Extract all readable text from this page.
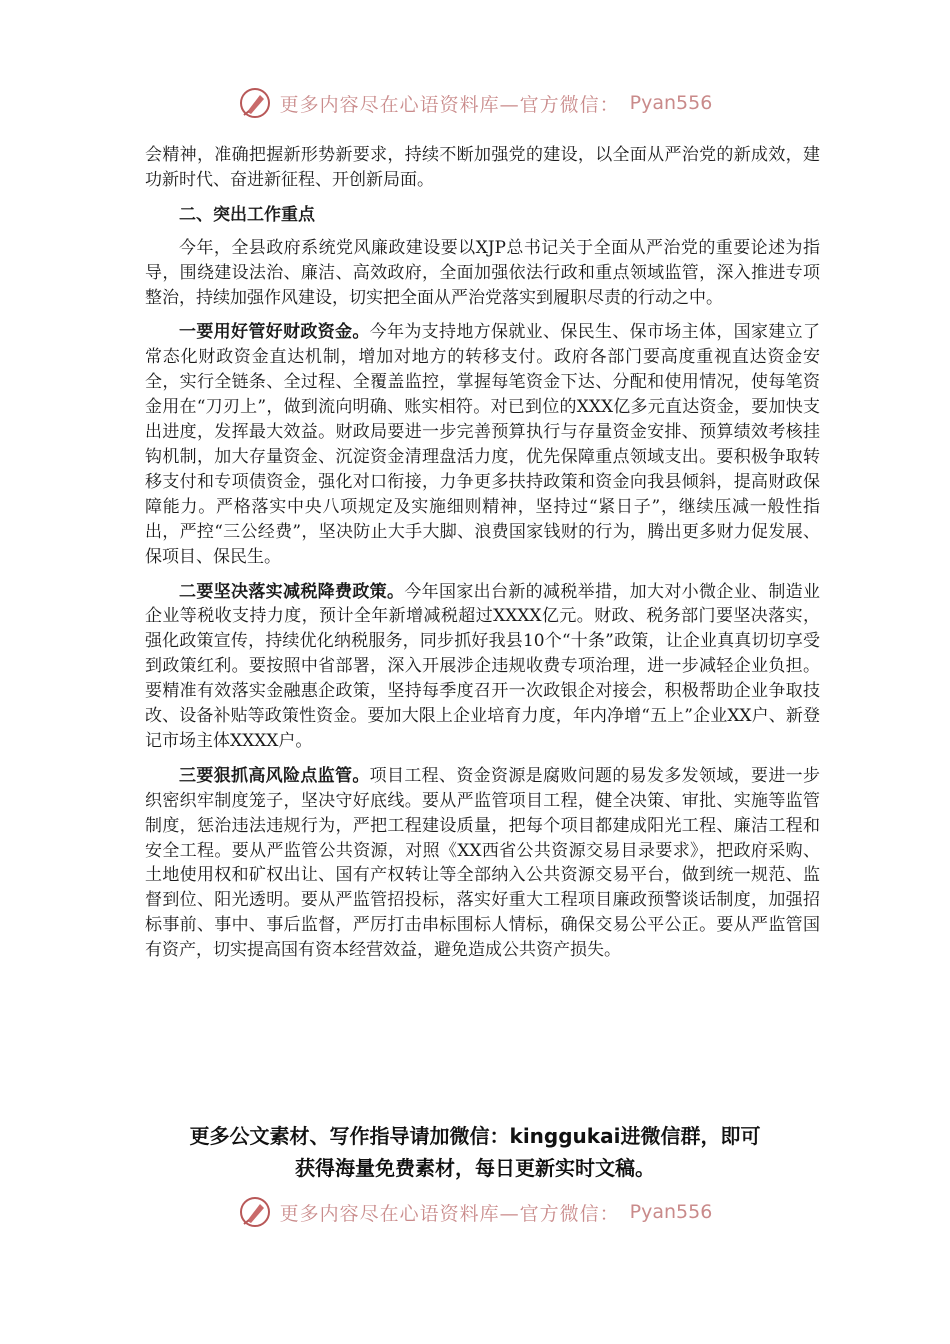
更多内容尽在心语资料库—官方微信： Pyan556

会精神，准确把握新形势新要求，持续不断加强党的建设，以全面从严治党的新成效，建功新时代、奋进新征程、开创新局面。

二、突出工作重点

今年，全县政府系统党风廉政建设要以XJP总书记关于全面从严治党的重要论述为指导，围绕建设法治、廉洁、高效政府，全面加强依法行政和重点领域监管，深入推进专项整治，持续加强作风建设，切实把全面从严治党落实到履职尽责的行动之中。

一要用好管好财政资金。今年为支持地方保就业、保民生、保市场主体，国家建立了常态化财政资金直达机制，增加对地方的转移支付。政府各部门要高度重视直达资金安全，实行全链条、全过程、全覆盖监控，掌握每笔资金下达、分配和使用情况，使每笔资金用在“刀刃上”，做到流向明确、账实相符。对已到位的XXX亿多元直达资金，要加快支出进度，发挥最大效益。财政局要进一步完善预算执行与存量资金安排、预算绩效考核挂钩机制，加大存量资金、沉淀资金清理盘活力度，优先保障重点领域支出。要积极争取转移支付和专项债资金，强化对口衔接，力争更多扶持政策和资金向我县倾斜，提高财政保障能力。严格落实中央八项规定及实施细则精神，坚持过“紧日子”，继续压减一般性指出，严控“三公经费”，坚决防止大手大脚、浪费国家钱财的行为，腾出更多财力促发展、保项目、保民生。

二要坚决落实减税降费政策。今年国家出台新的减税举措，加大对小微企业、制造业企业等税收支持力度，预计全年新增减税超过XXXX亿元。财政、税务部门要坚决落实，强化政策宣传，持续优化纳税服务，同步抓好我县10个“十条”政策，让企业真真切切享受到政策红利。要按照中省部署，深入开展涉企违规收费专项治理，进一步减轻企业负担。要精准有效落实金融惠企政策，坚持每季度召开一次政银企对接会，积极帮助企业争取技改、设备补贴等政策性资金。要加大限上企业培育力度，年内净增“五上”企业XX户、新登记市场主体XXXX户。

三要狠抓高风险点监管。项目工程、资金资源是腐败问题的易发多发领域，要进一步织密织牢制度笼子，坚决守好底线。要从严监管项目工程，健全决策、审批、实施等监管制度，惩治违法违规行为，严把工程建设质量，把每个项目都建成阳光工程、廉洁工程和安全工程。要从严监管公共资源，对照《XX西省公共资源交易目录要求》，把政府采购、土地使用权和矿权出让、国有产权转让等全部纳入公共资源交易平台，做到统一规范、监督到位、阳光透明。要从严监管招投标，落实好重大工程项目廉政预警谈话制度，加强招标事前、事中、事后监督，严厉打击串标围标人情标，确保交易公平公正。要从严监管国有资产，切实提高国有资本经营效益，避免造成公共资产损失。

更多公文素材、写作指导请加微信：kinggukai进微信群，即可
获得海量免费素材，每日更新实时文稿。
更多内容尽在心语资料库—官方微信： Pyan556
